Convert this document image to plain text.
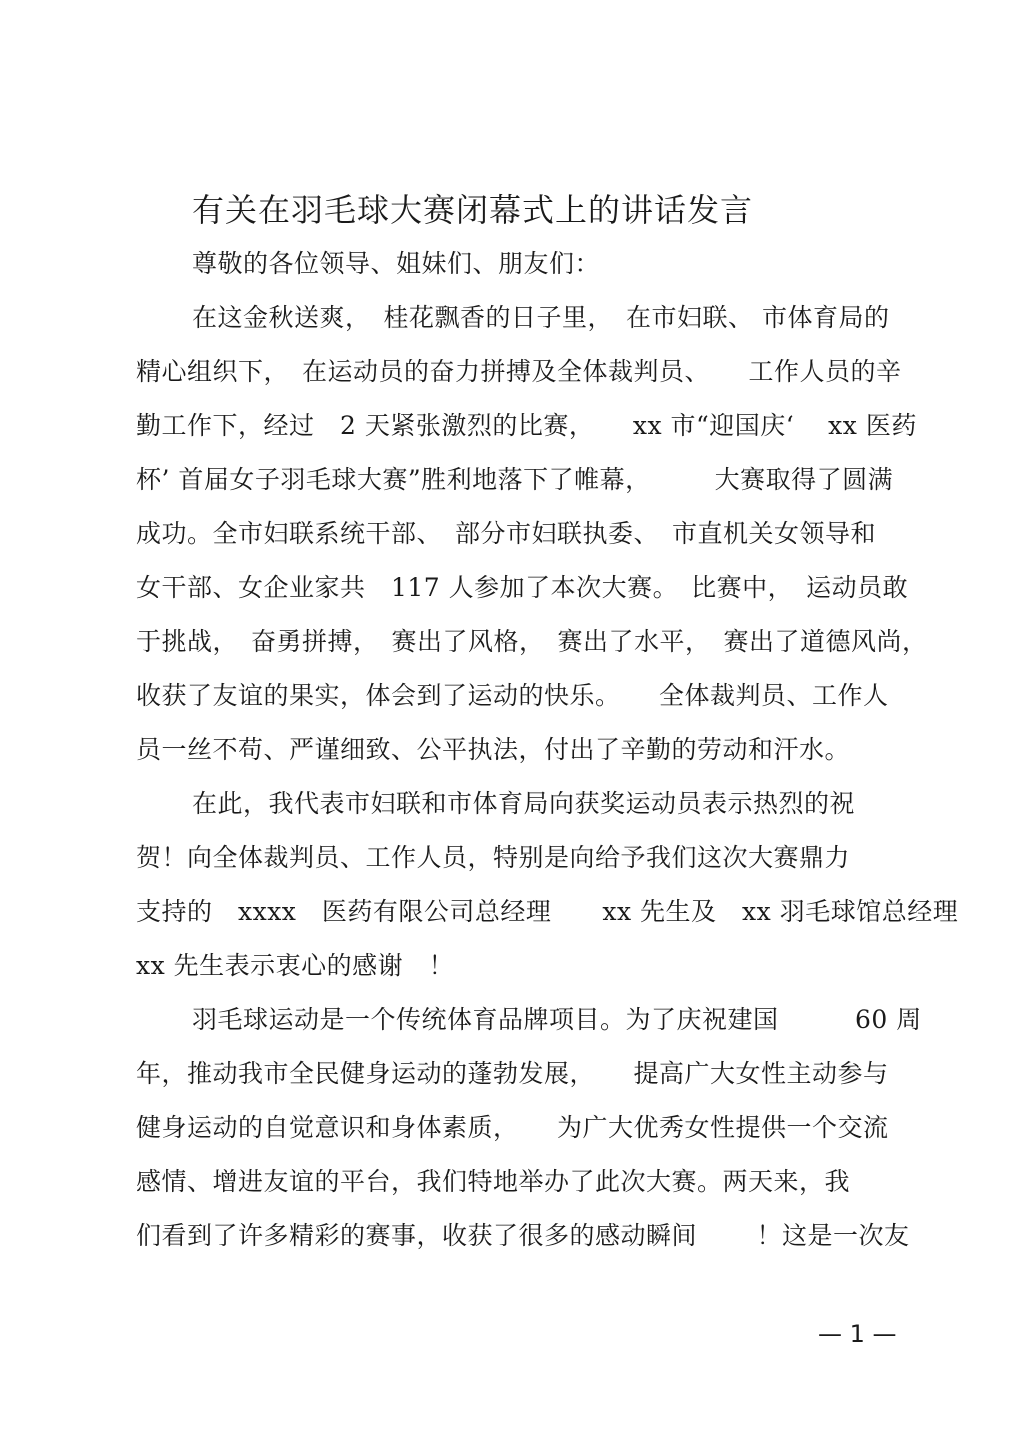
有关在羽毛球大赛闭幕式上的讲话发言
尊敬的各位领导、姐妹们、朋友们：
在这金秋送爽，　桂花飘香的日子里，　在市妇联、 市体育局的
精心组织下，　在运动员的奋力拼搏及全体裁判员、　　工作人员的辛
勤工作下，经过　2 天紧张激烈的比赛，　　xx 市“迎国庆‘　 xx 医药
杯’ 首届女子羽毛球大赛”胜利地落下了帷幕，　　　大赛取得了圆满
成功。全市妇联系统干部、　部分市妇联执委、　市直机关女领导和
女干部、女企业家共　117 人参加了本次大赛。　比赛中，　运动员敢
于挑战，　奋勇拼搏，　赛出了风格，　赛出了水平，　赛出了道德风尚，
收获了友谊的果实，体会到了运动的快乐。　　全体裁判员、工作人
员一丝不苟、严谨细致、公平执法，付出了辛勤的劳动和汗水。
在此，我代表市妇联和市体育局向获奖运动员表示热烈的祝
贺！向全体裁判员、工作人员，特别是向给予我们这次大赛鼎力
支持的　xxxx　医药有限公司总经理　　xx 先生及　xx 羽毛球馆总经理
xx 先生表示衷心的感谢　！
羽毛球运动是一个传统体育品牌项目。为了庆祝建国　　　60 周
年，推动我市全民健身运动的蓬勃发展，　　提高广大女性主动参与
健身运动的自觉意识和身体素质，　　为广大优秀女性提供一个交流
感情、增进友谊的平台，我们特地举办了此次大赛。两天来，我
们看到了许多精彩的赛事，收获了很多的感动瞬间　　 ！这是一次友
— 1 —
